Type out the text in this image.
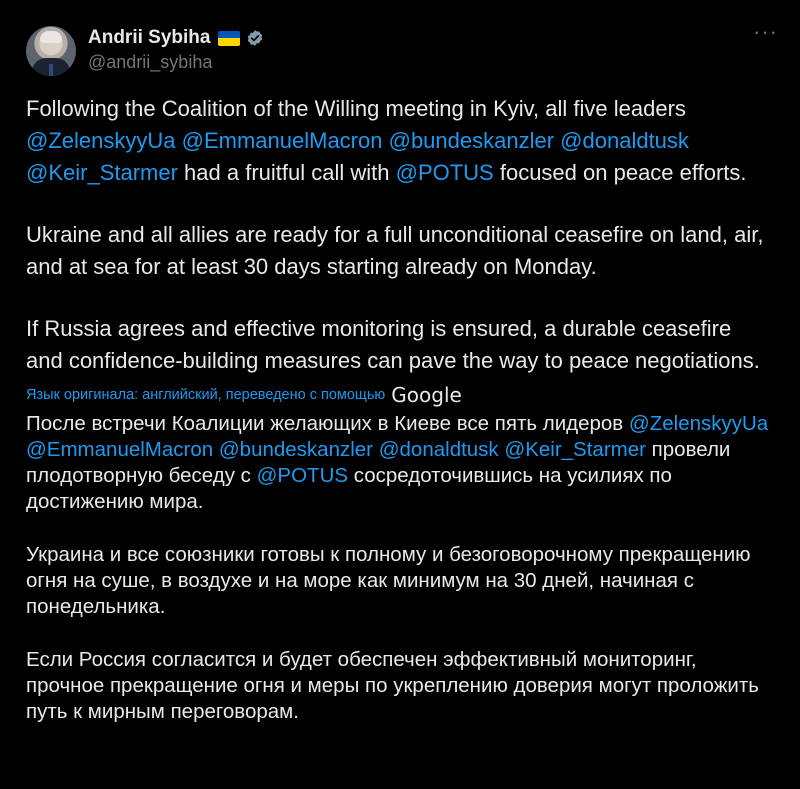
Andrii Sybiha
@andrii_sybiha
···

Following the Coalition of the Willing meeting in Kyiv, all five leaders @ZelenskyyUa @EmmanuelMacron @bundeskanzler @donaldtusk @Keir_Starmer had a fruitful call with @POTUS focused on peace efforts.

Ukraine and all allies are ready for a full unconditional ceasefire on land, air, and at sea for at least 30 days starting already on Monday.

If Russia agrees and effective monitoring is ensured, a durable ceasefire and confidence-building measures can pave the way to peace negotiations.

Язык оригинала: английский, переведено с помощью Google

После встречи Коалиции желающих в Киеве все пять лидеров @ZelenskyyUa @EmmanuelMacron @bundeskanzler @donaldtusk @Keir_Starmer провели плодотворную беседу с @POTUS сосредоточившись на усилиях по достижению мира.

Украина и все союзники готовы к полному и безоговорочному прекращению огня на суше, в воздухе и на море как минимум на 30 дней, начиная с понедельника.

Если Россия согласится и будет обеспечен эффективный мониторинг, прочное прекращение огня и меры по укреплению доверия могут проложить путь к мирным переговорам.
